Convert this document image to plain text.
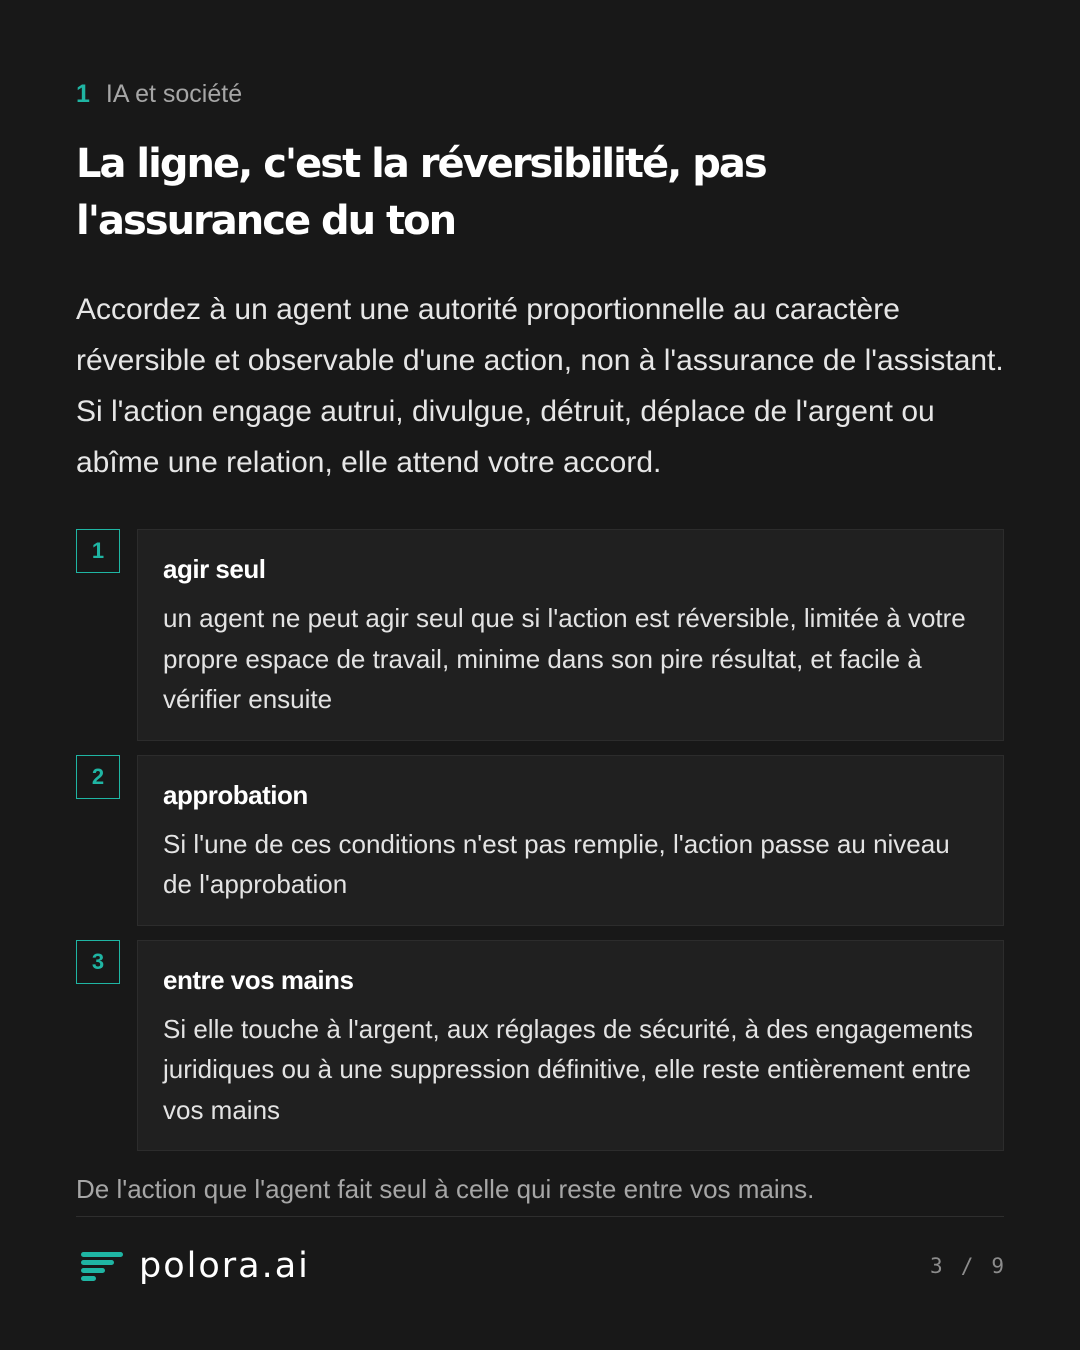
1 IA et société
La ligne, c'est la réversibilité, pas l'assurance du ton

Accordez à un agent une autorité proportionnelle au caractère réversible et observable d'une action, non à l'assurance de l'assistant. Si l'action engage autrui, divulgue, détruit, déplace de l'argent ou abîme une relation, elle attend votre accord.

1

agir seul

un agent ne peut agir seul que si l'action est réversible, limitée à votre propre espace de travail, minime dans son pire résultat, et facile à vérifier ensuite

2

approbation

Si l'une de ces conditions n'est pas remplie, l'action passe au niveau de l'approbation

3

entre vos mains

Si elle touche à l'argent, aux réglages de sécurité, à des engagements juridiques ou à une suppression définitive, elle reste entièrement entre vos mains

De l'action que l'agent fait seul à celle qui reste entre vos mains.
polora.ai	3 / 9
